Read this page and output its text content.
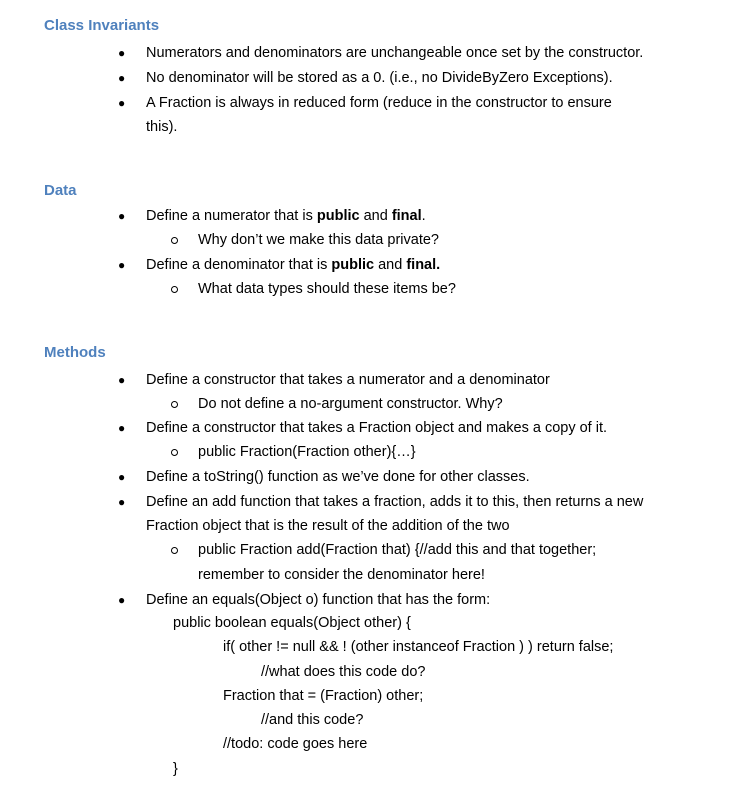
Class Invariants
● Numerators and denominators are unchangeable once set by the constructor.
● No denominator will be stored as a 0. (i.e., no DivideByZero Exceptions).
● A Fraction is always in reduced form (reduce in the constructor to ensure
this).
Data
● Define a numerator that is public and final.
Why don’t we make this data private?
● Define a denominator that is public and final.
What data types should these items be?
Methods
● Define a constructor that takes a numerator and a denominator
Do not define a no-argument constructor. Why?
● Define a constructor that takes a Fraction object and makes a copy of it.
public Fraction(Fraction other){…}
● Define a toString() function as we’ve done for other classes.
● Define an add function that takes a fraction, adds it to this, then returns a new
Fraction object that is the result of the addition of the two
public Fraction add(Fraction that) {//add this and that together;
remember to consider the denominator here!
● Define an equals(Object o) function that has the form:
public boolean equals(Object other) {
if( other != null && ! (other instanceof Fraction ) ) return false;
//what does this code do?
Fraction that = (Fraction) other;
//and this code?
//todo: code goes here
}
